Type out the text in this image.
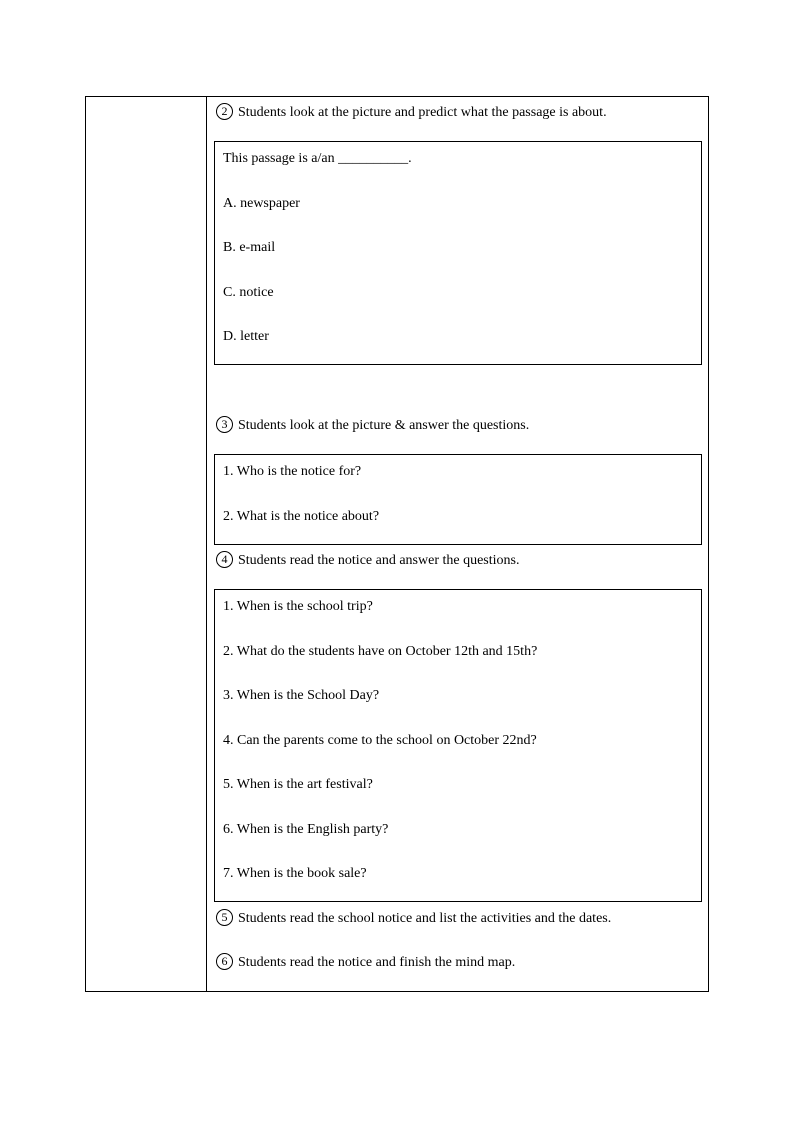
2 Students look at the picture and predict what the passage is about.
This passage is a/an __________.
A. newspaper
B. e-mail
C. notice
D. letter
3 Students look at the picture & answer the questions.
1. Who is the notice for?
2. What is the notice about?
4 Students read the notice and answer the questions.
1. When is the school trip?
2. What do the students have on October 12th and 15th?
3. When is the School Day?
4. Can the parents come to the school on October 22nd?
5. When is the art festival?
6. When is the English party?
7. When is the book sale?
5 Students read the school notice and list the activities and the dates.
6 Students read the notice and finish the mind map.
